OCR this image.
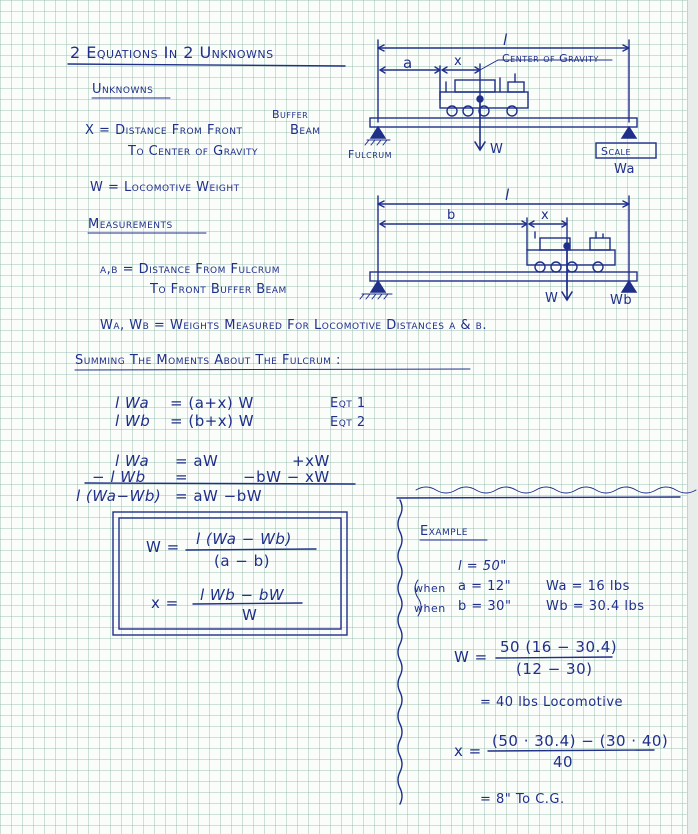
2 Equations In 2 Unknowns
Unknowns
Buffer
X = Distance From Front	Beam
To Center of Gravity
W = Locomotive Weight
l
a	x	Center of Gravity
Fulcrum	W	Scale
Wa
l
b	x
W	Wb
Measurements
a,b = Distance From Fulcrum
To Front Buffer Beam
Wa, Wb = Weights Measured For Locomotive Distances a & b.
Summing The Moments About The Fulcrum :
l Wa = (a+x) W	Eqt 1
l Wb = (b+x) W	Eqt 2
l Wa = aW	+xW
− l Wb =	−bW − xW
l (Wa−Wb) = aW −bW
W = l (Wa − Wb)
(a − b)
x = l Wb − bW
W
Example
l = 50"
when a = 12"	Wa = 16 lbs
when b = 30"	Wb = 30.4 lbs
W =
50 (16 − 30.4)
(12 − 30)
= 40 lbs Locomotive
x =
(50 · 30.4) − (30 · 40)
40
= 8" To C.G.
